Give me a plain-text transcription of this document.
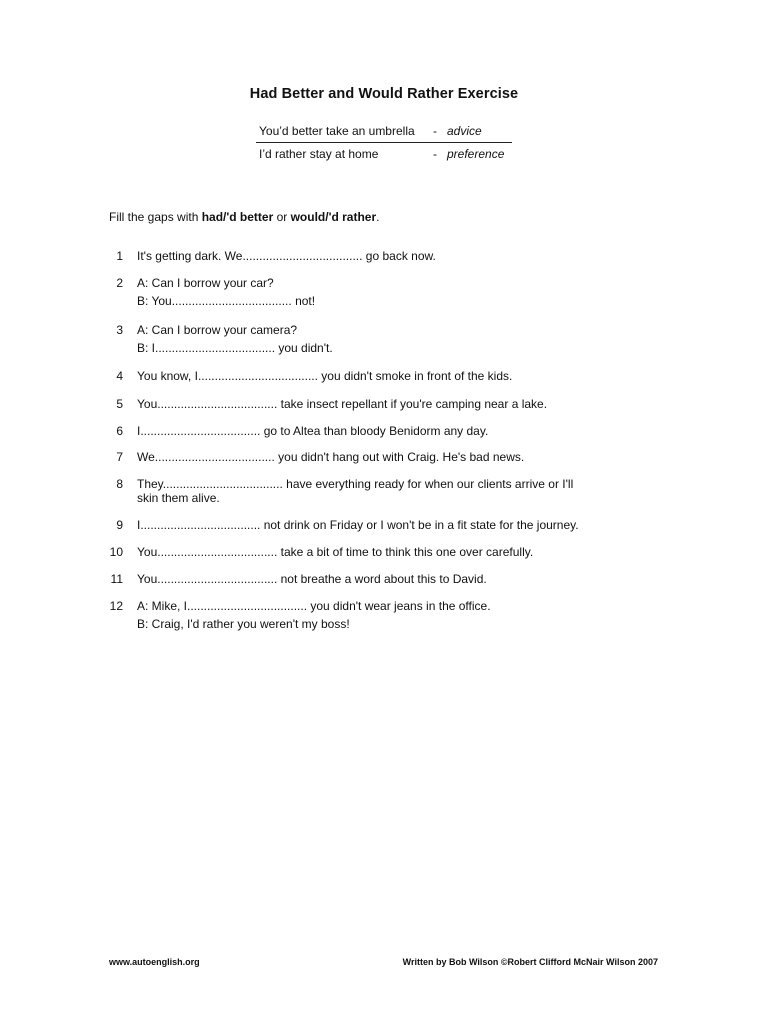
Had Better and Would Rather Exercise
You’d better take an umbrella - advice
I’d rather stay at home	- preference
Fill the gaps with had/'d better or would/'d rather.
1 It's getting dark. We.................................... go back now.
2 A: Can I borrow your car?
B: You.................................... not!
3 A: Can I borrow your camera?
B: I.................................... you didn't.
4 You know, I.................................... you didn't smoke in front of the kids.
5 You.................................... take insect repellant if you're camping near a lake.
6 I.................................... go to Altea than bloody Benidorm any day.
7 We.................................... you didn't hang out with Craig. He's bad news.
8 They.................................... have everything ready for when our clients arrive or I'll
skin them alive.
9 I.................................... not drink on Friday or I won't be in a fit state for the journey.
10 You.................................... take a bit of time to think this one over carefully.
11 You.................................... not breathe a word about this to David.
12 A: Mike, I.................................... you didn't wear jeans in the office.
B: Craig, I'd rather you weren't my boss!
www.autoenglish.org	Written by Bob Wilson ©Robert Clifford McNair Wilson 2007
